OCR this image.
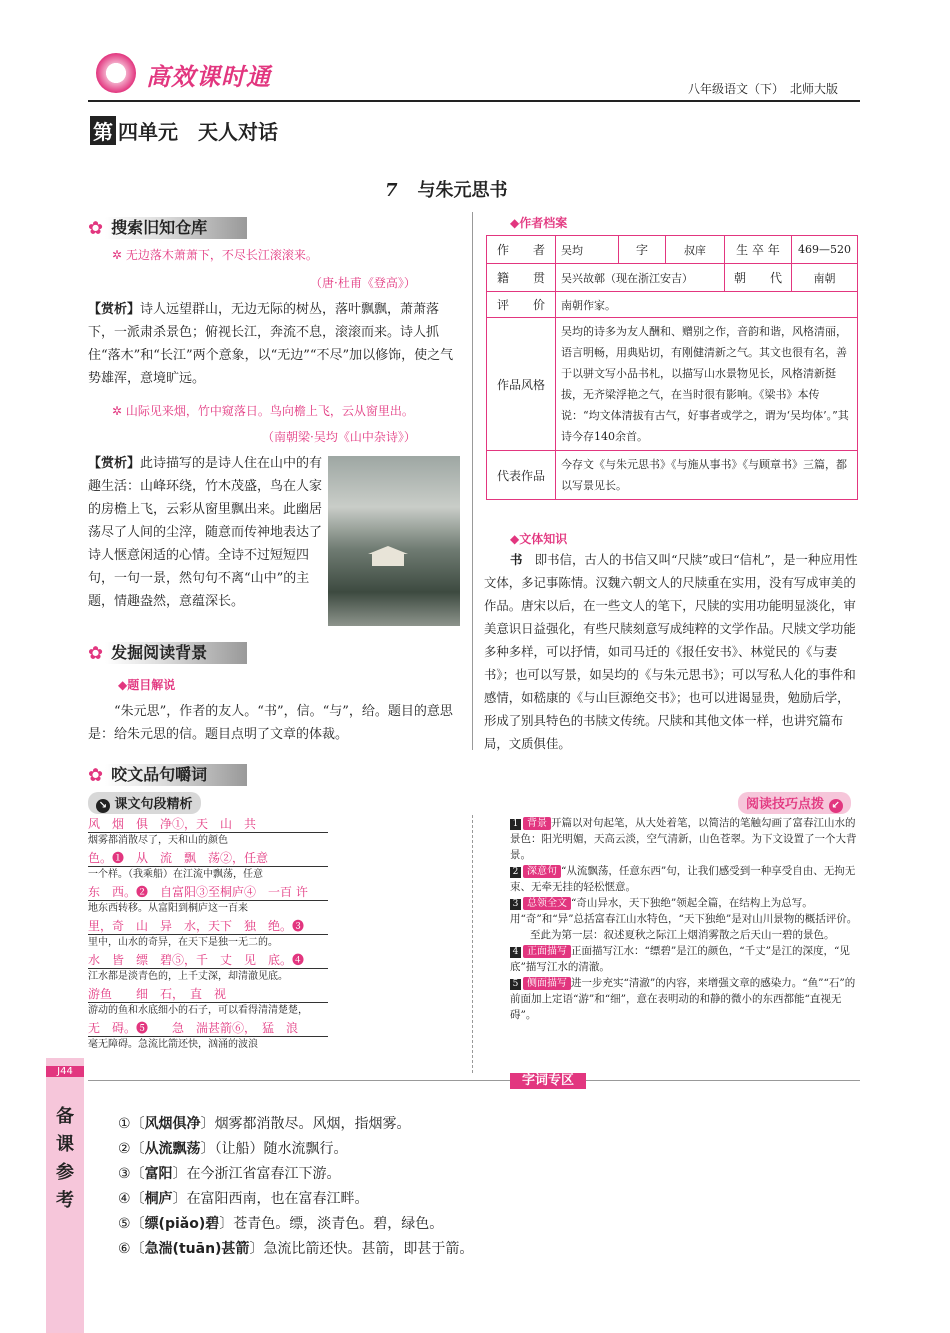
高效课时通	八年级语文（下）　 北师大版
第 四单元　天人对话
7 与朱元思书
✿ 搜索旧知仓库
✲ 无边落木萧萧下，不尽长江滚滚来。
（唐·杜甫《登高》）
【赏析】诗人远望群山，无边无际的树丛，落叶飘飘，萧萧落下，一派肃杀景色；俯视长江，奔流不息，滚滚而来。诗人抓住“落木”和“长江”两个意象，以“无边”“不尽”加以修饰，使之气势雄浑，意境旷远。
✲ 山际见来烟，竹中窥落日。鸟向檐上飞，云从窗里出。
（南朝梁·吴均《山中杂诗》）
【赏析】此诗描写的是诗人住在山中的有趣生活：山峰环绕，竹木茂盛，鸟在人家的房檐上飞，云彩从窗里飘出来。此幽居荡尽了人间的尘滓，随意而传神地表达了诗人惬意闲适的心情。全诗不过短短四句，一句一景，然句句不离“山中”的主题，情趣盎然，意蕴深长。
✿ 发掘阅读背景
◆题目解说
“朱元思”，作者的友人。“书”，信。“与”，给。题目的意思是：给朱元思的信。题目点明了文章的体裁。
◆作者档案
作　　者	吴均	字	叔庠	生 卒 年	469—520
籍　　贯	吴兴故鄣（现在浙江安吉）			朝　　代	南朝
评　　价	南朝作家。				
作品风格	吴均的诗多为友人酬和、赠别之作，音韵和谐，风格清丽，语言明畅，用典贴切，有刚健清新之气。其文也很有名，善于以骈文写小品书札，以描写山水景物见长，风格清新挺拔，无齐梁浮艳之气，在当时很有影响。《梁书》本传说：“均文体清拔有古气，好事者或学之，谓为‘吴均体’。”其诗今存140余首。				
代表作品	今存文《与朱元思书》《与施从事书》《与顾章书》三篇，都以写景见长。				
◆文体知识
书　 即书信，古人的书信又叫“尺牍”或曰“信札”，是一种应用性文体，多记事陈情。汉魏六朝文人的尺牍重在实用，没有写成审美的作品。唐宋以后，在一些文人的笔下，尺牍的实用功能明显淡化，审美意识日益强化，有些尺牍刻意写成纯粹的文学作品。尺牍文学功能多种多样，可以抒情，如司马迁的《报任安书》、林觉民的《与妻书》；也可以写景，如吴均的《与朱元思书》；可以写私人化的事件和感情，如嵇康的《与山巨源绝交书》；也可以进谒显贵，勉励后学，形成了别具特色的书牍文传统。尺牍和其他文体一样，也讲究篇布局，文质俱佳。
✿ 咬文品句嚼词
↘ 课文句段精析	阅读技巧点拨 ↙
风　烟　俱　净①，天　山　共
烟雾都消散尽了，天和山的颜色
色。❶　从　流　飘　荡②，任意
一个样。（我乘船）在江流中飘荡，任意
东　西。❷　自富阳③至桐庐④　一百 许
地东西转移。从富阳到桐庐这一百来
里，奇　山　异　水，天下　独　绝。❸
里中，山水的奇异，在天下是独一无二的。
水　皆　缥　碧⑤，千　丈　见　底。❹
江水都是淡青色的，上千丈深，却清澈见底。
游鱼　　细　石，　直　视
游动的鱼和水底细小的石子，可以看得清清楚楚，
无　碍。❺　　急　湍甚箭⑥，　猛　浪
毫无障碍。急流比箭还快，汹涌的波浪
1 背景 开篇以对句起笔，从大处着笔，以简洁的笔触勾画了富春江山水的景色：阳光明媚，天高云淡，空气清新，山色苍翠。为下文设置了一个大背景。
2 深意句 “从流飘荡，任意东西”句，让我们感受到一种享受自由、无拘无束、无牵无挂的轻松惬意。
3 总领全文 “奇山异水，天下独绝”领起全篇，在结构上为总写。用“奇”和“异”总括富春江山水特色，“天下独绝”是对山川景物的概括评价。
至此为第一层：叙述夏秋之际江上烟消雾散之后天山一碧的景色。
4 正面描写 正面描写江水：“缥碧”是江的颜色，“千丈”是江的深度，“见底”描写江水的清澈。
5 侧面描写 进一步充实“清澈”的内容，来增强文章的感染力。“鱼”“石”的前面加上定语“游”和“细”，意在表明动的和静的微小的东西都能“直视无碍”。
字词专区
J44
备
课
参
考
①〔风烟俱净〕烟雾都消散尽。风烟，指烟雾。
②〔从流飘荡〕（让船）随水流飘行。
③〔富阳〕在今浙江省富春江下游。
④〔桐庐〕在富阳西南，也在富春江畔。
⑤〔缥(piǎo)碧〕苍青色。缥，淡青色。碧，绿色。
⑥〔急湍(tuān)甚箭〕急流比箭还快。甚箭，即甚于箭。
